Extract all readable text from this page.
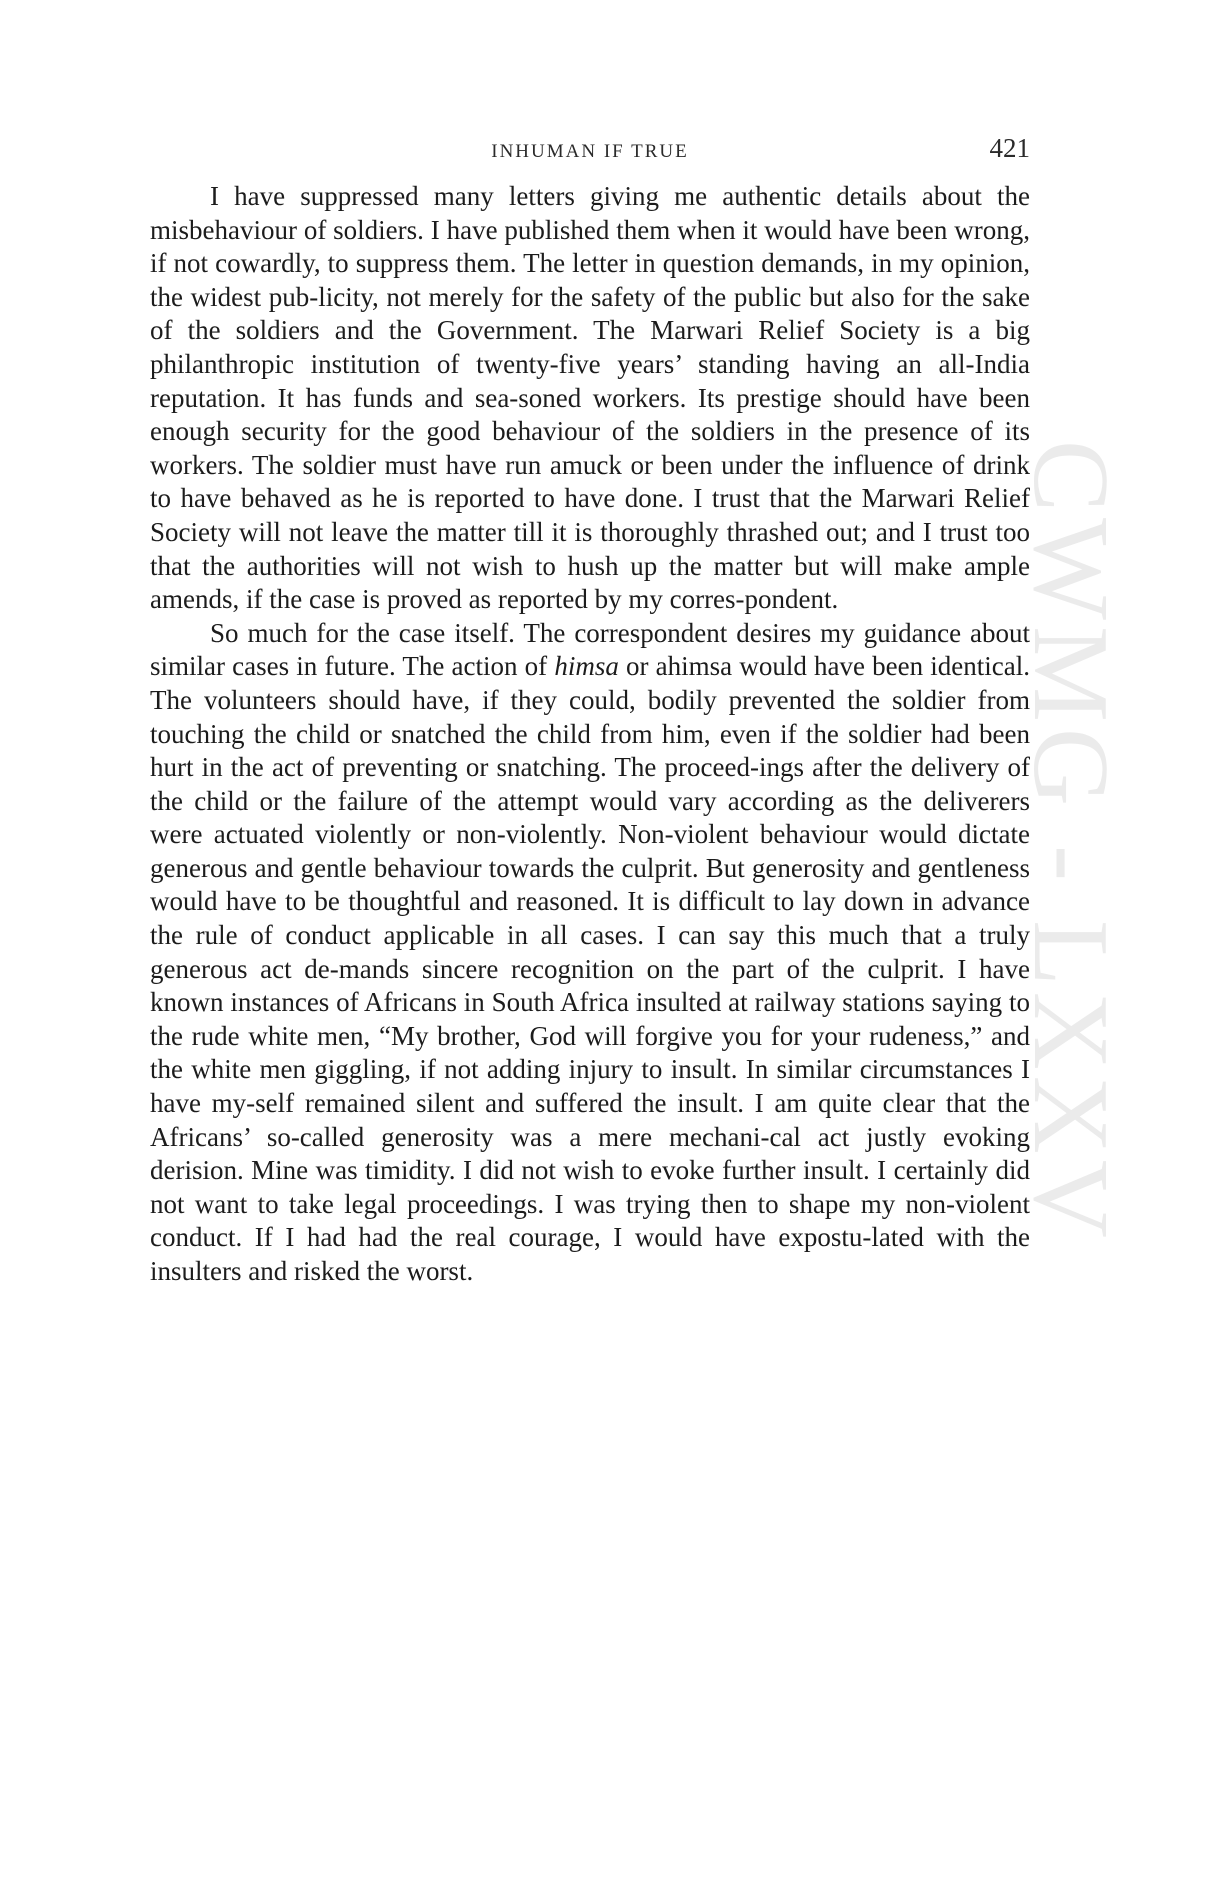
CWMG - LXXV
INHUMAN IF TRUE	421

I have suppressed many letters giving me authentic details about the misbehaviour of soldiers. I have published them when it would have been wrong, if not cowardly, to suppress them. The letter in question demands, in my opinion, the widest pub-licity, not merely for the safety of the public but also for the sake of the soldiers and the Government. The Marwari Relief Society is a big philanthropic institution of twenty-five years’ standing having an all-India reputation. It has funds and sea-soned workers. Its prestige should have been enough security for the good behaviour of the soldiers in the presence of its workers. The soldier must have run amuck or been under the influence of drink to have behaved as he is reported to have done. I trust that the Marwari Relief Society will not leave the matter till it is thoroughly thrashed out; and I trust too that the authorities will not wish to hush up the matter but will make ample amends, if the case is proved as reported by my corres-pondent.

So much for the case itself. The correspondent desires my guidance about similar cases in future. The action of himsa or ahimsa would have been identical. The volunteers should have, if they could, bodily prevented the soldier from touching the child or snatched the child from him, even if the soldier had been hurt in the act of preventing or snatching. The proceed-ings after the delivery of the child or the failure of the attempt would vary according as the deliverers were actuated violently or non-violently. Non-violent behaviour would dictate generous and gentle behaviour towards the culprit. But generosity and gentleness would have to be thoughtful and reasoned. It is difficult to lay down in advance the rule of conduct applicable in all cases. I can say this much that a truly generous act de-mands sincere recognition on the part of the culprit. I have known instances of Africans in South Africa insulted at railway stations saying to the rude white men, “My brother, God will forgive you for your rudeness,” and the white men giggling, if not adding injury to insult. In similar circumstances I have my-self remained silent and suffered the insult. I am quite clear that the Africans’ so-called generosity was a mere mechani-cal act justly evoking derision. Mine was timidity. I did not wish to evoke further insult. I certainly did not want to take legal proceedings. I was trying then to shape my non-violent conduct. If I had had the real courage, I would have expostu-lated with the insulters and risked the worst.
